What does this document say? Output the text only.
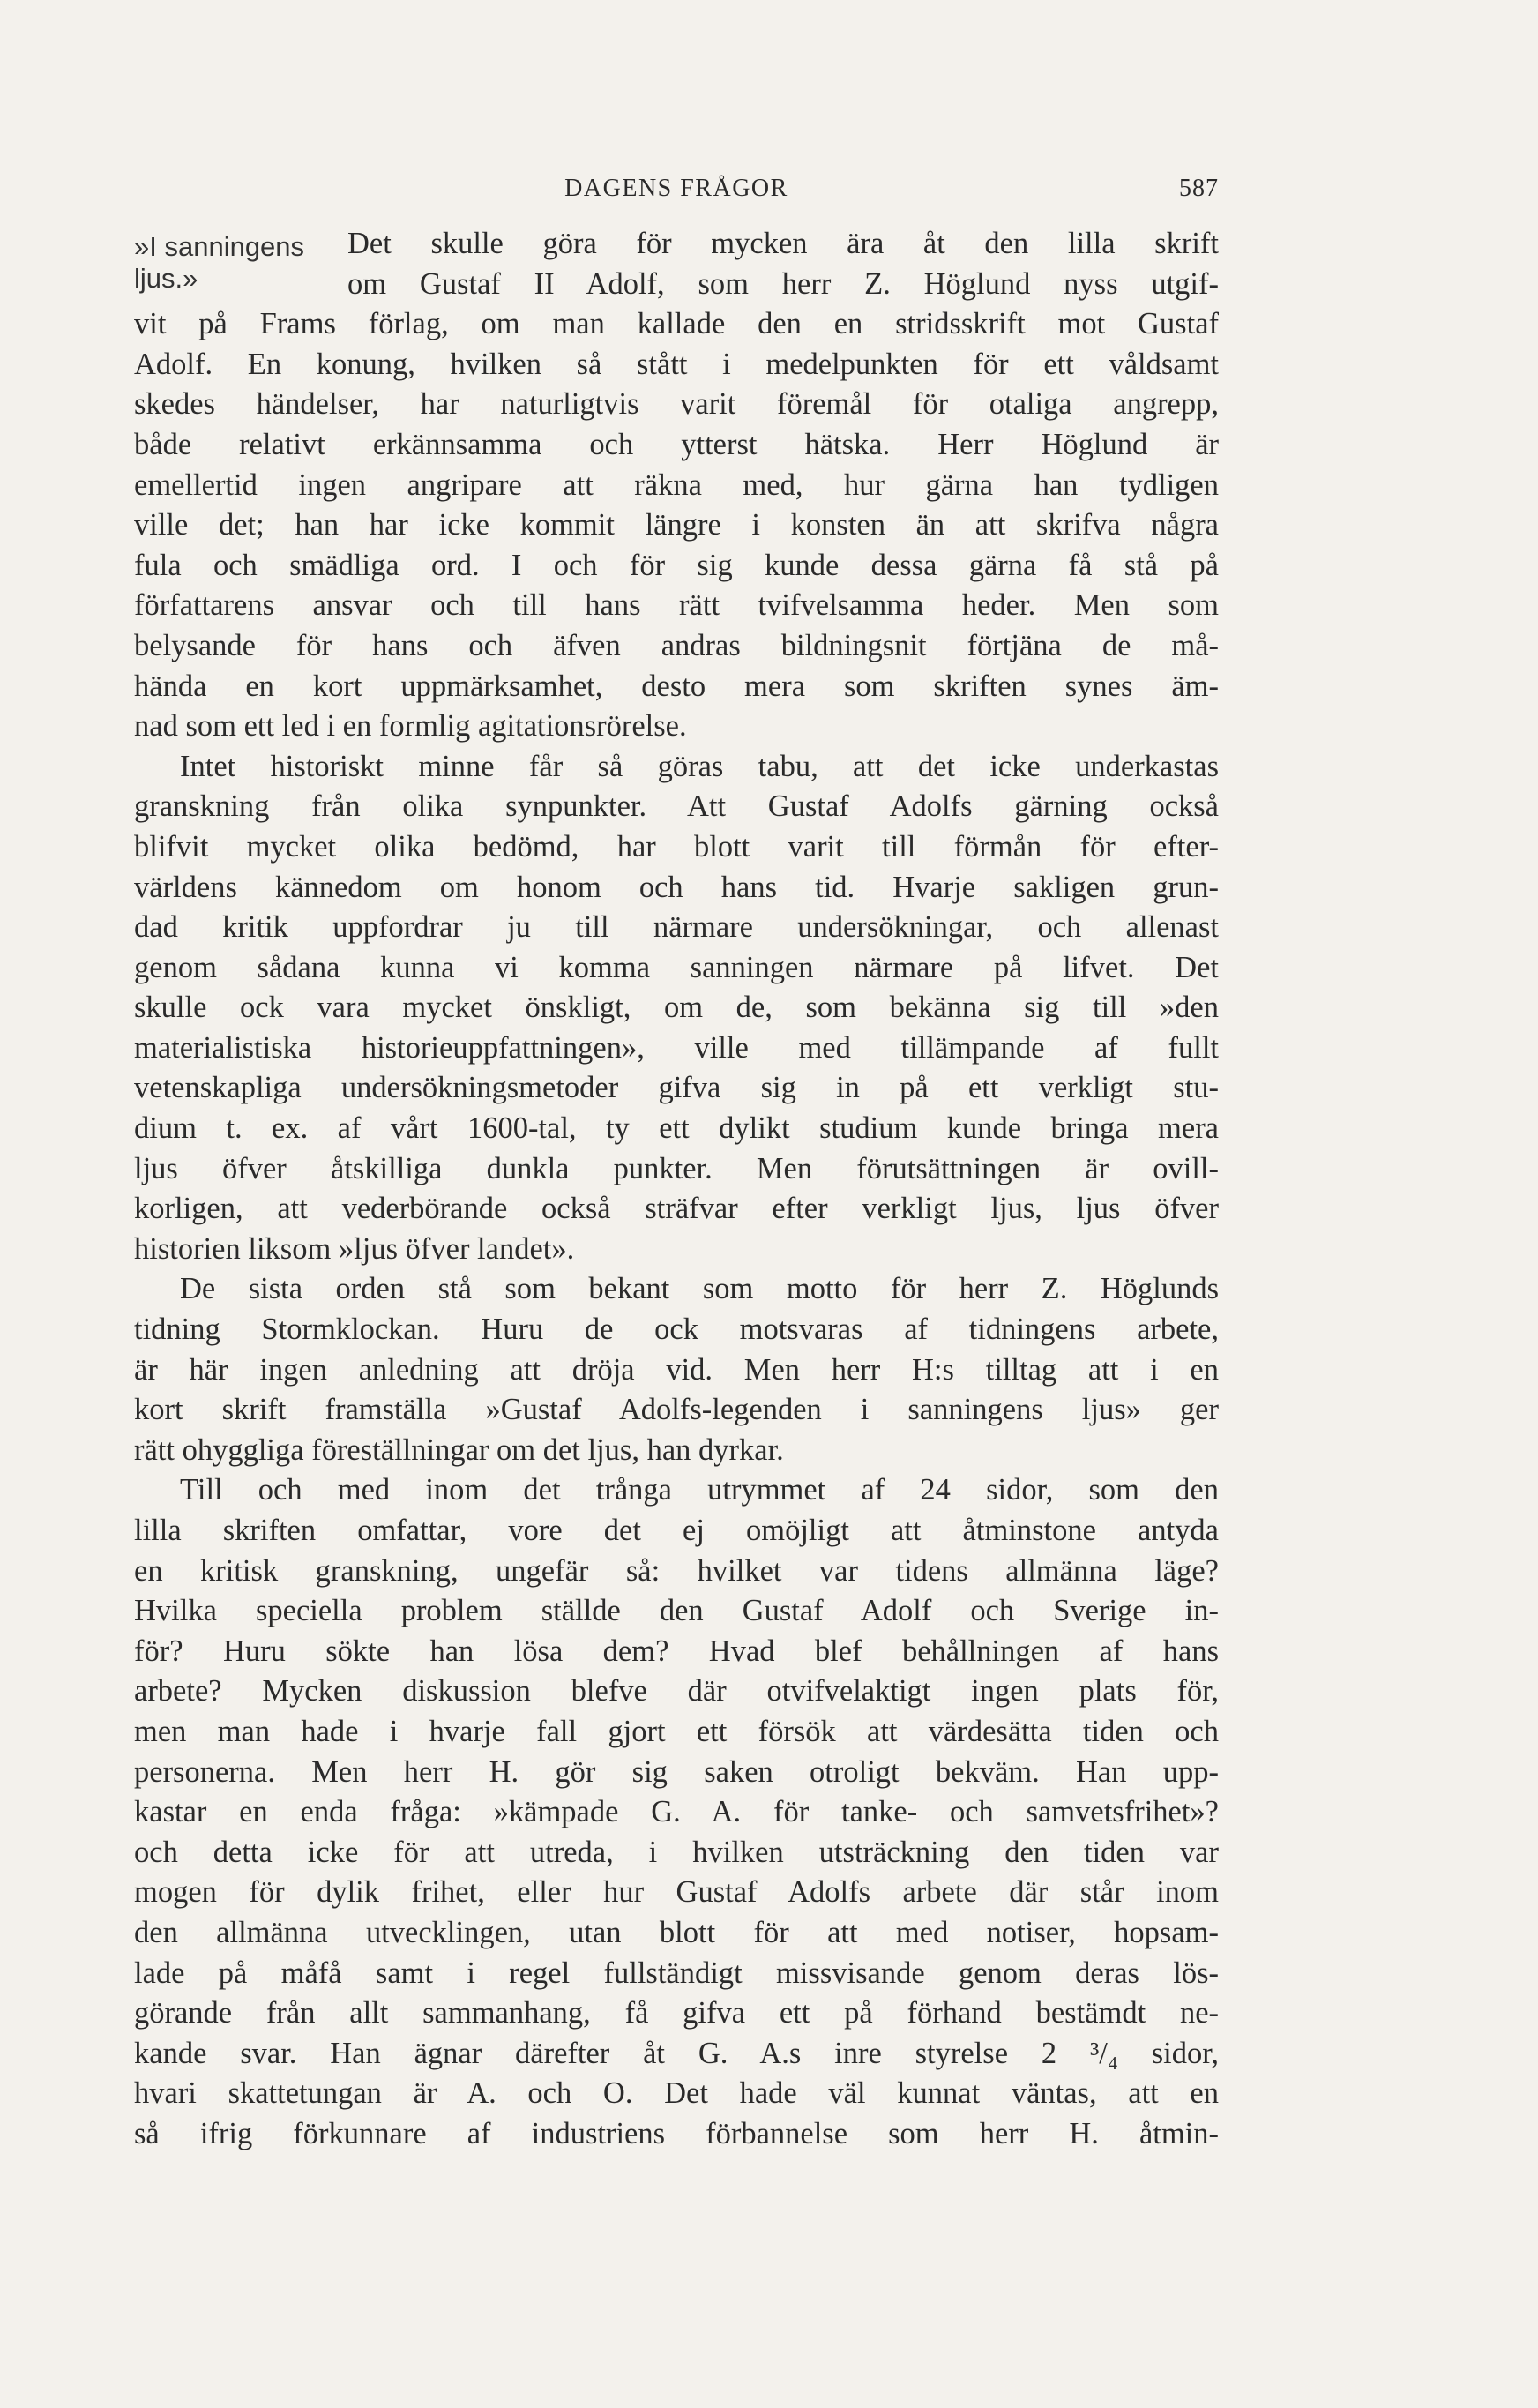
DAGENS FRÅGOR	587
»I sanningens
ljus.»
Det skulle göra för mycken ära åt den lilla skrift
om Gustaf II Adolf, som herr Z. Höglund nyss utgif-
vit på Frams förlag, om man kallade den en stridsskrift mot Gustaf
Adolf. En konung, hvilken så stått i medelpunkten för ett våldsamt
skedes händelser, har naturligtvis varit föremål för otaliga angrepp,
både relativt erkännsamma och ytterst hätska. Herr Höglund är
emellertid ingen angripare att räkna med, hur gärna han tydligen
ville det; han har icke kommit längre i konsten än att skrifva några
fula och smädliga ord. I och för sig kunde dessa gärna få stå på
författarens ansvar och till hans rätt tvifvelsamma heder. Men som
belysande för hans och äfven andras bildningsnit förtjäna de må-
hända en kort uppmärksamhet, desto mera som skriften synes äm-
nad som ett led i en formlig agitationsrörelse.
Intet historiskt minne får så göras tabu, att det icke underkastas
granskning från olika synpunkter. Att Gustaf Adolfs gärning också
blifvit mycket olika bedömd, har blott varit till förmån för efter-
världens kännedom om honom och hans tid. Hvarje sakligen grun-
dad kritik uppfordrar ju till närmare undersökningar, och allenast
genom sådana kunna vi komma sanningen närmare på lifvet. Det
skulle ock vara mycket önskligt, om de, som bekänna sig till »den
materialistiska historieuppfattningen», ville med tillämpande af fullt
vetenskapliga undersökningsmetoder gifva sig in på ett verkligt stu-
dium t. ex. af vårt 1600-tal, ty ett dylikt studium kunde bringa mera
ljus öfver åtskilliga dunkla punkter. Men förutsättningen är ovill-
korligen, att vederbörande också sträfvar efter verkligt ljus, ljus öfver
historien liksom »ljus öfver landet».
De sista orden stå som bekant som motto för herr Z. Höglunds
tidning Stormklockan. Huru de ock motsvaras af tidningens arbete,
är här ingen anledning att dröja vid. Men herr H:s tilltag att i en
kort skrift framställa »Gustaf Adolfs-legenden i sanningens ljus» ger
rätt ohyggliga föreställningar om det ljus, han dyrkar.
Till och med inom det trånga utrymmet af 24 sidor, som den
lilla skriften omfattar, vore det ej omöjligt att åtminstone antyda
en kritisk granskning, ungefär så: hvilket var tidens allmänna läge?
Hvilka speciella problem ställde den Gustaf Adolf och Sverige in-
för? Huru sökte han lösa dem? Hvad blef behållningen af hans
arbete? Mycken diskussion blefve där otvifvelaktigt ingen plats för,
men man hade i hvarje fall gjort ett försök att värdesätta tiden och
personerna. Men herr H. gör sig saken otroligt bekväm. Han upp-
kastar en enda fråga: »kämpade G. A. för tanke- och samvetsfrihet»?
och detta icke för att utreda, i hvilken utsträckning den tiden var
mogen för dylik frihet, eller hur Gustaf Adolfs arbete där står inom
den allmänna utvecklingen, utan blott för att med notiser, hopsam-
lade på måfå samt i regel fullständigt missvisande genom deras lös-
görande från allt sammanhang, få gifva ett på förhand bestämdt ne-
kande svar. Han ägnar därefter åt G. A.s inre styrelse 2 ³/₄ sidor,
hvari skattetungan är A. och O. Det hade väl kunnat väntas, att en
så ifrig förkunnare af industriens förbannelse som herr H. åtmin-
